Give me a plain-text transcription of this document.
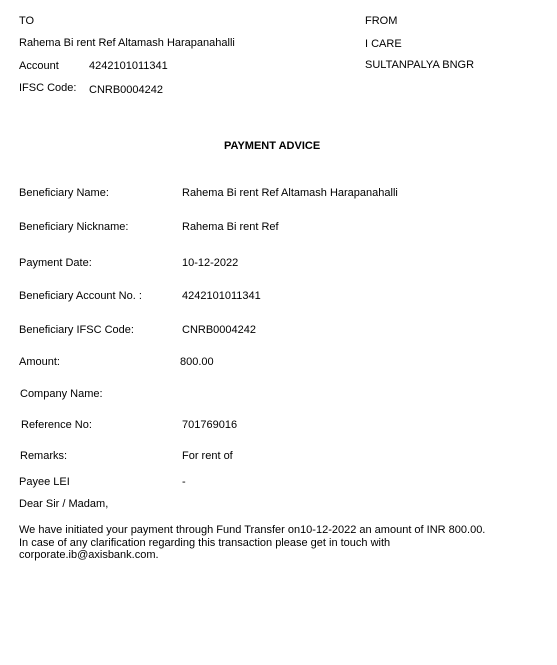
TO
Rahema Bi rent Ref Altamash Harapanahalli
Account	4242101011341
IFSC Code: CNRB0004242
FROM
I CARE
SULTANPALYA BNGR
PAYMENT ADVICE
Beneficiary Name:	Rahema Bi rent Ref Altamash Harapanahalli
Beneficiary Nickname:	Rahema Bi rent Ref
Payment Date:	10-12-2022
Beneficiary Account No. :	4242101011341
Beneficiary IFSC Code:	CNRB0004242
Amount:	800.00
Company Name:
Reference No:	701769016
Remarks:	For rent of
Payee LEI	-
Dear Sir / Madam,
We have initiated your payment through Fund Transfer on10-12-2022 an amount of INR 800.00.
In case of any clarification regarding this transaction please get in touch with
corporate.ib@axisbank.com.
